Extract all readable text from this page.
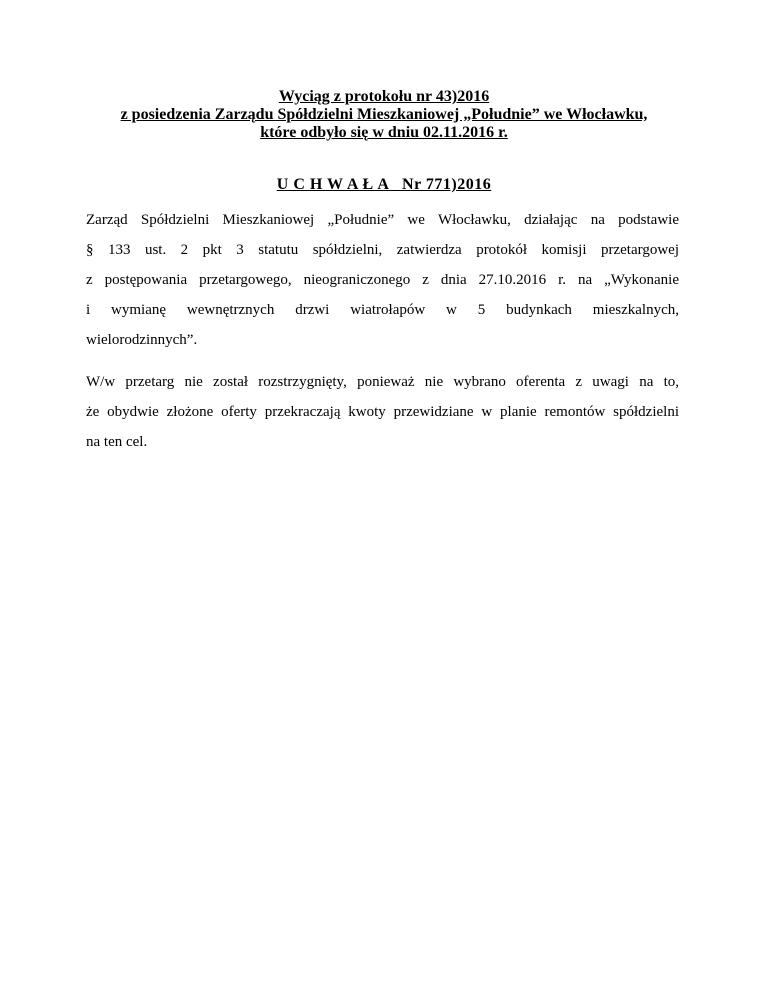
Wyciąg z protokołu nr 43)2016
z posiedzenia Zarządu Spółdzielni Mieszkaniowej „Południe” we Włocławku,
które odbyło się w dniu 02.11.2016 r.
U C H W A Ł A   Nr 771)2016
Zarząd Spółdzielni Mieszkaniowej „Południe” we Włocławku, działając na podstawie
§ 133 ust. 2 pkt 3 statutu spółdzielni, zatwierdza protokół komisji przetargowej
z postępowania przetargowego, nieograniczonego z dnia 27.10.2016 r. na „Wykonanie
i wymianę wewnętrznych drzwi wiatrołapów w 5 budynkach mieszkalnych,
wielorodzinnych”.
W/w przetarg nie został rozstrzygnięty, ponieważ nie wybrano oferenta z uwagi na to,
że obydwie złożone oferty przekraczają kwoty przewidziane w planie remontów spółdzielni
na ten cel.
